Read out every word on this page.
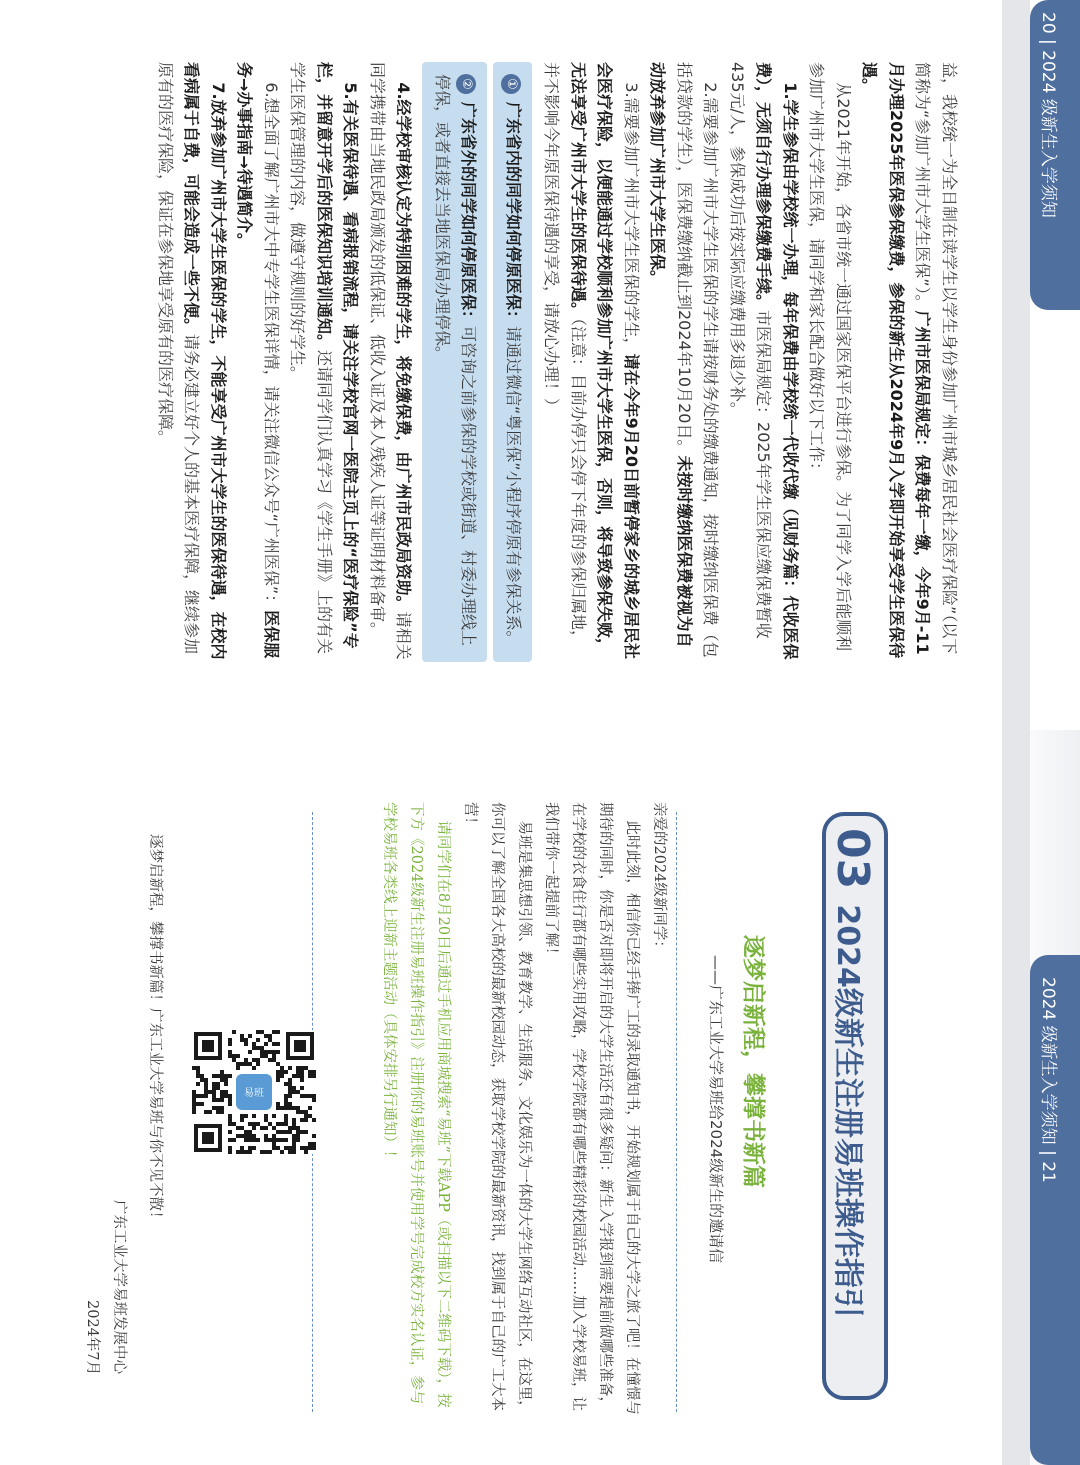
20 | 2024 级新生入学须知

益，我校统一为全日制在读学生以学生身份参加广州市城乡居民社会医疗保险”（以下简称为“参加广州市大学生医保”）。广州市医保局规定：保费每年一缴，今年9月-11月办理2025年医保参保缴费，参保的新生从2024年9月入学即开始享受学生医保待遇。

从2021年开始，各省市统一通过国家医保平台进行参保。为了同学入学后能顺利参加广州市大学生医保，请同学和家长配合做好以下工作：

1.学生参保由学校统一办理，每年保费由学校统一代收代缴（见财务篇：代收医保费），无须自行办理参保缴费手续。市医保局规定：2025年学生医保应缴保费暂收435元/人，参保成功后按实际应缴费用多退少补。

2.需要参加广州市大学生医保的学生请按财务处的缴费通知，按时缴纳医保费（包括贷款的学生），医保费缴纳截止到2024年10月20日。未按时缴纳医保费被视为自动放弃参加广州市大学生医保。

3.需要参加广州市大学生医保的学生，请在今年9月20日前暂停家乡的城乡居民社会医疗保险，以便能通过学校顺利参加广州市大学生医保，否则，将导致参保失败，无法享受广州市大学生的医保待遇。（注意：目前办停只会停下年度的参保归属地，并不影响今年原医保待遇的享受，请放心办理！）

①广东省内的同学如何停原医保：请通过微信“粤医保”小程序停原有参保关系。
②广东省外的同学如何停原医保：可咨询之前参保的学校或街道、村委办理线上停保，或者直接去当地医保局办理停保。

4.经学校审核认定为特别困难的学生，将免缴保费，由广州市民政局资助。请相关同学携带由当地民政局颁发的低保证、低收入证及本人残疾人证等证明材料备审。

5.有关医保待遇、看病报销流程，请关注学校官网一医院主页上的“医疗保险”专栏，并留意开学后的医保知识培训通知。还请同学们认真学习《学生手册》上的有关学生医保管理的内容，做遵守规则的好学生。

6.想全面了解广州市大中专学生医保详情，请关注微信公众号“广州医保”：医保服务→办事指南→待遇简介。

7.放弃参加广州市大学生医保的学生，不能享受广州市大学生的医保待遇，在校内看病属于自费，可能会造成一些不便。请务必建立好个人的基本医疗保障，继续参加原有的医疗保险，保证在参保地享受原有的医疗保障。

2024 级新生入学须知 | 21
03 2024级新生注册易班操作指引
逐梦启新程，攀撑书新篇
——广东工业大学易班给2024级新生的邀请信

亲爱的2024级新同学：

此时此刻，相信你已经手捧广工的录取通知书，开始规划属于自己的大学之旅了吧！在憧憬与期待的同时，你是否对即将开启的大学生活还有很多疑问：新生入学报到需要提前做哪些准备，在学校的衣食住行都有哪些实用攻略，学校学院都有哪些精彩的校园活动……加入学校易班，让我们带你一起提前了解！

易班是集思想引领、教育教学、生活服务、文化娱乐为一体的大学生网络互动社区，在这里，你可以了解全国各大高校的最新校园动态，获取学校学院的最新资讯，找到属于自己的广工大本营！

请同学们在8月20日后通过手机应用商城搜索“易班”下载APP（或扫描以下二维码下载），按下方《2024级新生注册易班操作指引》注册你的易班账号并使用学号完成校方实名认证，参与学校易班各类线上迎新主题活动（具体安排另行通知）！

易班
逐梦启新程，攀撑书新篇！广东工业大学易班与你不见不散！
广东工业大学易班发展中心
2024年7月
